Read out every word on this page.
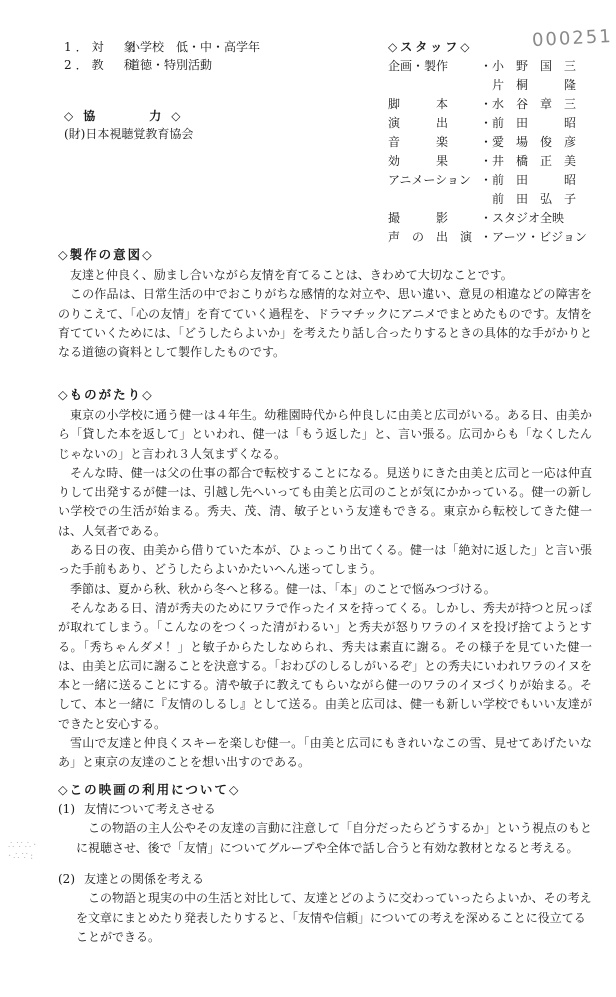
000251
1．対　象
小学校　低・中・高学年
2．教　科
道徳・特別活動
◇協　　力◇
(財)日本視聴覚教育協会
◇スタッフ◇
企画・製作	・ 小　野　国　三

片　桐　　　隆
脚　　　本	・ 水　谷　章　三
演　　　出	・ 前　田　　　昭
音　　　楽	・ 愛　場　俊　彦
効　　　果	・ 井　橋　正　美
アニメーション ・ 前　田　　　昭

前　田　弘　子
撮　　　影	・ スタジオ全映
声　の　出　演 ・ アーツ・ビジョン
◇製作の意図◇

友達と仲良く、励まし合いながら友情を育てることは、きわめて大切なことです。

この作品は、日常生活の中でおこりがちな感情的な対立や、思い違い、意見の相違などの障害をのりこえて、「心の友情」を育てていく過程を、ドラマチックにアニメでまとめたものです。友情を育てていくためには、「どうしたらよいか」を考えたり話し合ったりするときの具体的な手がかりとなる道徳の資料として製作したものです。

◇ものがたり◇

東京の小学校に通う健一は４年生。幼稚園時代から仲良しに由美と広司がいる。ある日、由美から「貸した本を返して」といわれ、健一は「もう返した」と、言い張る。広司からも「なくしたんじゃないの」と言われ３人気まずくなる。

そんな時、健一は父の仕事の都合で転校することになる。見送りにきた由美と広司と一応は仲直りして出発するが健一は、引越し先へいっても由美と広司のことが気にかかっている。健一の新しい学校での生活が始まる。秀夫、茂、清、敏子という友達もできる。東京から転校してきた健一は、人気者である。

ある日の夜、由美から借りていた本が、ひょっこり出てくる。健一は「絶対に返した」と言い張った手前もあり、どうしたらよいかたいへん迷ってしまう。

季節は、夏から秋、秋から冬へと移る。健一は、「本」のことで悩みつづける。

そんなある日、清が秀夫のためにワラで作ったイヌを持ってくる。しかし、秀夫が持つと尻っぽが取れてしまう。「こんなのをつくった清がわるい」と秀夫が怒りワラのイヌを投げ捨てようとする。「秀ちゃんダメ！」と敏子からたしなめられ、秀夫は素直に謝る。その様子を見ていた健一は、由美と広司に謝ることを決意する。「おわびのしるしがいるぞ」との秀夫にいわれワラのイヌを本と一緒に送ることにする。清や敏子に教えてもらいながら健一のワラのイヌづくりが始まる。そして、本と一緒に『友情のしるし』として送る。由美と広司は、健一も新しい学校でもいい友達ができたと安心する。

雪山で友達と仲良くスキーを楽しむ健一。「由美と広司にもきれいなこの雪、見せてあげたいなあ」と東京の友達のことを想い出すのである。

◇この映画の利用について◇
(1) 友情について考えさせる

この物語の主人公やその友達の言動に注意して「自分だったらどうするか」という視点のもとに視聴させ、後で「友情」についてグループや全体で話し合うと有効な教材となると考える。

(2) 友達との関係を考える

この物語と現実の中の生活と対比して、友達とどのように交わっていったらよいか、その考えを文章にまとめたり発表したりすると、「友情や信頼」についての考えを深めることに役立てることができる。

∴∵∴·
·∴∵:
